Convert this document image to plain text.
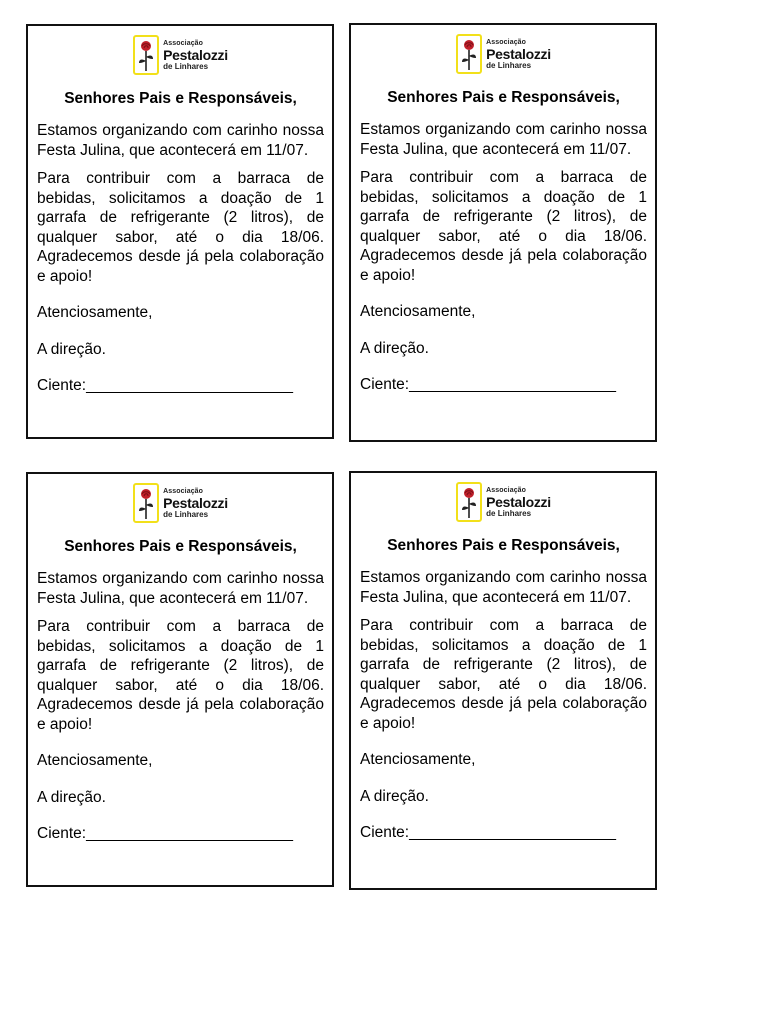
Associação
Pestalozzi
de Linhares

Senhores Pais e Responsáveis,

Estamos organizando com carinho nossa Festa Julina, que acontecerá em 11/07.

Para contribuir com a barraca de bebidas, solicitamos a doação de 1 garrafa de refrigerante (2 litros), de qualquer sabor, até o dia 18/06. Agradecemos desde já pela colaboração e apoio!

Atenciosamente,

A direção.

Ciente:________________________

Associação
Pestalozzi
de Linhares

Senhores Pais e Responsáveis,

Estamos organizando com carinho nossa Festa Julina, que acontecerá em 11/07.

Para contribuir com a barraca de bebidas, solicitamos a doação de 1 garrafa de refrigerante (2 litros), de qualquer sabor, até o dia 18/06. Agradecemos desde já pela colaboração e apoio!

Atenciosamente,

A direção.

Ciente:________________________

Associação
Pestalozzi
de Linhares

Senhores Pais e Responsáveis,

Estamos organizando com carinho nossa Festa Julina, que acontecerá em 11/07.

Para contribuir com a barraca de bebidas, solicitamos a doação de 1 garrafa de refrigerante (2 litros), de qualquer sabor, até o dia 18/06. Agradecemos desde já pela colaboração e apoio!

Atenciosamente,

A direção.

Ciente:________________________

Associação
Pestalozzi
de Linhares

Senhores Pais e Responsáveis,

Estamos organizando com carinho nossa Festa Julina, que acontecerá em 11/07.

Para contribuir com a barraca de bebidas, solicitamos a doação de 1 garrafa de refrigerante (2 litros), de qualquer sabor, até o dia 18/06. Agradecemos desde já pela colaboração e apoio!

Atenciosamente,

A direção.

Ciente:________________________
